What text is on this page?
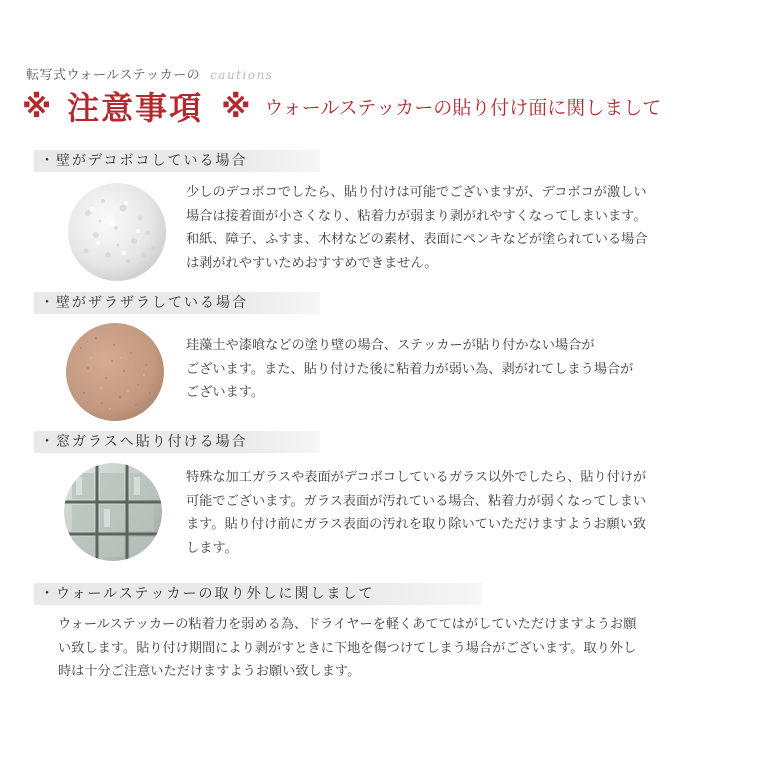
転写式ウォールステッカーの cautions
※ 注意事項 ※ ウォールステッカーの貼り付け面に関しまして
・壁がデコボコしている場合

少しのデコボコでしたら、貼り付けは可能でございますが、デコボコが激しい
場合は接着面が小さくなり、粘着力が弱まり剥がれやすくなってしまいます。
和紙、障子、ふすま、木材などの素材、表面にペンキなどが塗られている場合
は剥がれやすいためおすすめできません。

・壁がザラザラしている場合

珪藻土や漆喰などの塗り壁の場合、ステッカーが貼り付かない場合が
ございます。また、貼り付けた後に粘着力が弱い為、剥がれてしまう場合が
ございます。

・窓ガラスへ貼り付ける場合

特殊な加工ガラスや表面がデコボコしているガラス以外でしたら、貼り付けが
可能でございます。ガラス表面が汚れている場合、粘着力が弱くなってしまい
ます。貼り付け前にガラス表面の汚れを取り除いていただけますようお願い致
します。

・ウォールステッカーの取り外しに関しまして

ウォールステッカーの粘着力を弱める為、ドライヤーを軽くあててはがしていただけますようお願
い致します。貼り付け期間により剥がすときに下地を傷つけてしまう場合がございます。取り外し
時は十分ご注意いただけますようお願い致します。
